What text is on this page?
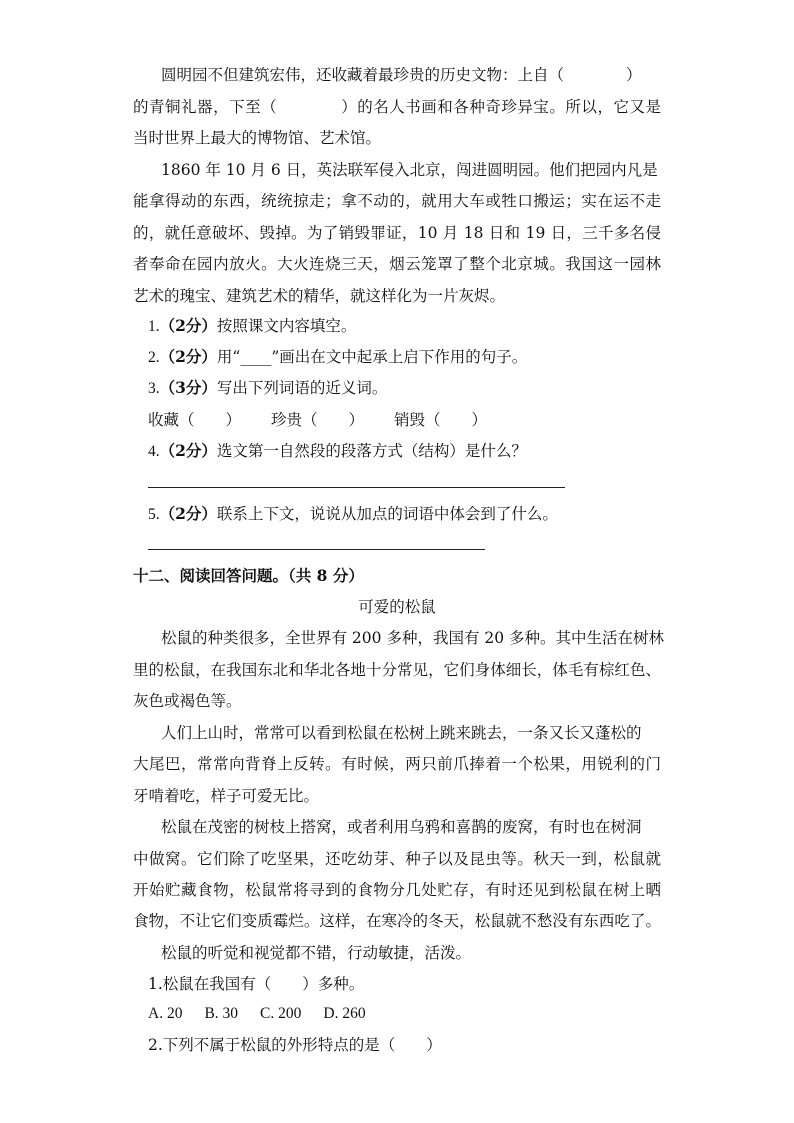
圆明园不但建筑宏伟，还收藏着最珍贵的历史文物：上自（　　　　）
的青铜礼器，下至（　　　　）的名人书画和各种奇珍异宝。所以，它又是
当时世界上最大的博物馆、艺术馆。
1860 年 10 月 6 日，英法联军侵入北京，闯进圆明园。他们把园内凡是
能拿得动的东西，统统掠走；拿不动的，就用大车或牲口搬运；实在运不走
的，就任意破坏、毁掉。为了销毁罪证，10 月 18 日和 19 日，三千多名侵
者奉命在园内放火。大火连烧三天，烟云笼罩了整个北京城。我国这一园林
艺术的瑰宝、建筑艺术的精华，就这样化为一片灰烬。
1.（2分）按照课文内容填空。
2.（2分）用“____”画出在文中起承上启下作用的句子。
3.（3分）写出下列词语的近义词。
收藏（　　） 珍贵（　　） 销毁（　　）
4.（2分）选文第一自然段的段落方式（结构）是什么？
5.（2分）联系上下文，说说从加点的词语中体会到了什么。
十二、阅读回答问题。（共 8 分）
可爱的松鼠
松鼠的种类很多，全世界有 200 多种，我国有 20 多种。其中生活在树林
里的松鼠，在我国东北和华北各地十分常见，它们身体细长，体毛有棕红色、
灰色或褐色等。
人们上山时，常常可以看到松鼠在松树上跳来跳去，一条又长又蓬松的
大尾巴，常常向背脊上反转。有时候，两只前爪捧着一个松果，用锐利的门
牙啃着吃，样子可爱无比。
松鼠在茂密的树枝上搭窝，或者利用乌鸦和喜鹊的废窝，有时也在树洞
中做窝。它们除了吃坚果，还吃幼芽、种子以及昆虫等。秋天一到，松鼠就
开始贮藏食物，松鼠常将寻到的食物分几处贮存，有时还见到松鼠在树上晒
食物，不让它们变质霉烂。这样，在寒冷的冬天，松鼠就不愁没有东西吃了。
松鼠的听觉和视觉都不错，行动敏捷，活泼。
1.松鼠在我国有（　　）多种。
A. 20 B. 30 C. 200 D. 260
2.下列不属于松鼠的外形特点的是（　　）
